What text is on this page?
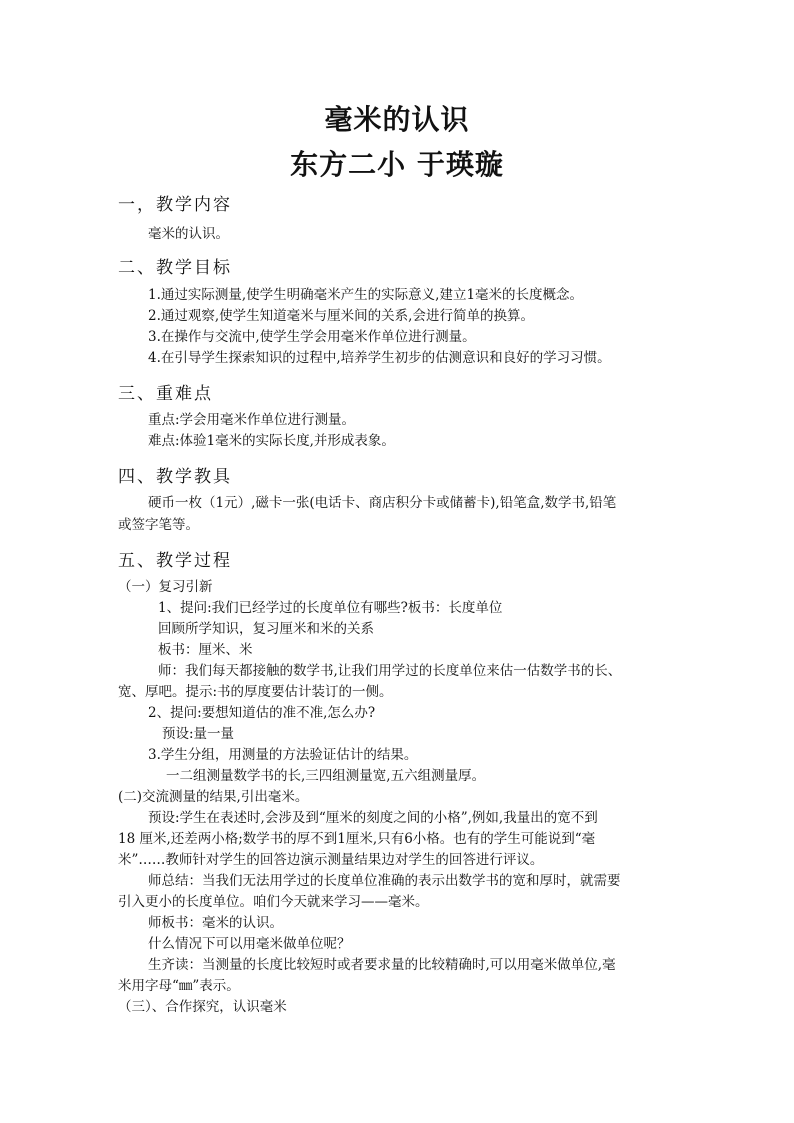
毫米的认识
东方二小 于瑛璇
一，教学内容
毫米的认识。
二、教学目标
1.通过实际测量,使学生明确毫米产生的实际意义,建立1毫米的长度概念。
2.通过观察,使学生知道毫米与厘米间的关系,会进行简单的换算。
3.在操作与交流中,使学生学会用毫米作单位进行测量。
4.在引导学生探索知识的过程中,培养学生初步的估测意识和良好的学习习惯。
三、重难点
重点:学会用毫米作单位进行测量。
难点:体验1毫米的实际长度,并形成表象。
四、教学教具
硬币一枚（1元）,磁卡一张(电话卡、商店积分卡或储蓄卡),铅笔盒,数学书,铅笔
或签字笔等。
五、教学过程
（一）复习引新
1、提问:我们已经学过的长度单位有哪些?板书：长度单位
回顾所学知识，复习厘米和米的关系
板书：厘米、米
师：我们每天都接触的数学书,让我们用学过的长度单位来估一估数学书的长、
宽、厚吧。提示:书的厚度要估计装订的一侧。
2、提问:要想知道估的准不准,怎么办?
预设:量一量
3.学生分组，用测量的方法验证估计的结果。
一二组测量数学书的长,三四组测量宽,五六组测量厚。
(二)交流测量的结果,引出毫米。
预设:学生在表述时,会涉及到“厘米的刻度之间的小格”,例如,我量出的宽不到
18 厘米,还差两小格;数学书的厚不到1厘米,只有6小格。也有的学生可能说到“毫
米”……教师针对学生的回答边演示测量结果边对学生的回答进行评议。
师总结：当我们无法用学过的长度单位准确的表示出数学书的宽和厚时，就需要
引入更小的长度单位。咱们今天就来学习——毫米。
师板书：毫米的认识。
什么情况下可以用毫米做单位呢？
生齐读：当测量的长度比较短时或者要求量的比较精确时,可以用毫米做单位,毫
米用字母“㎜”表示。
（三）、合作探究，认识毫米
